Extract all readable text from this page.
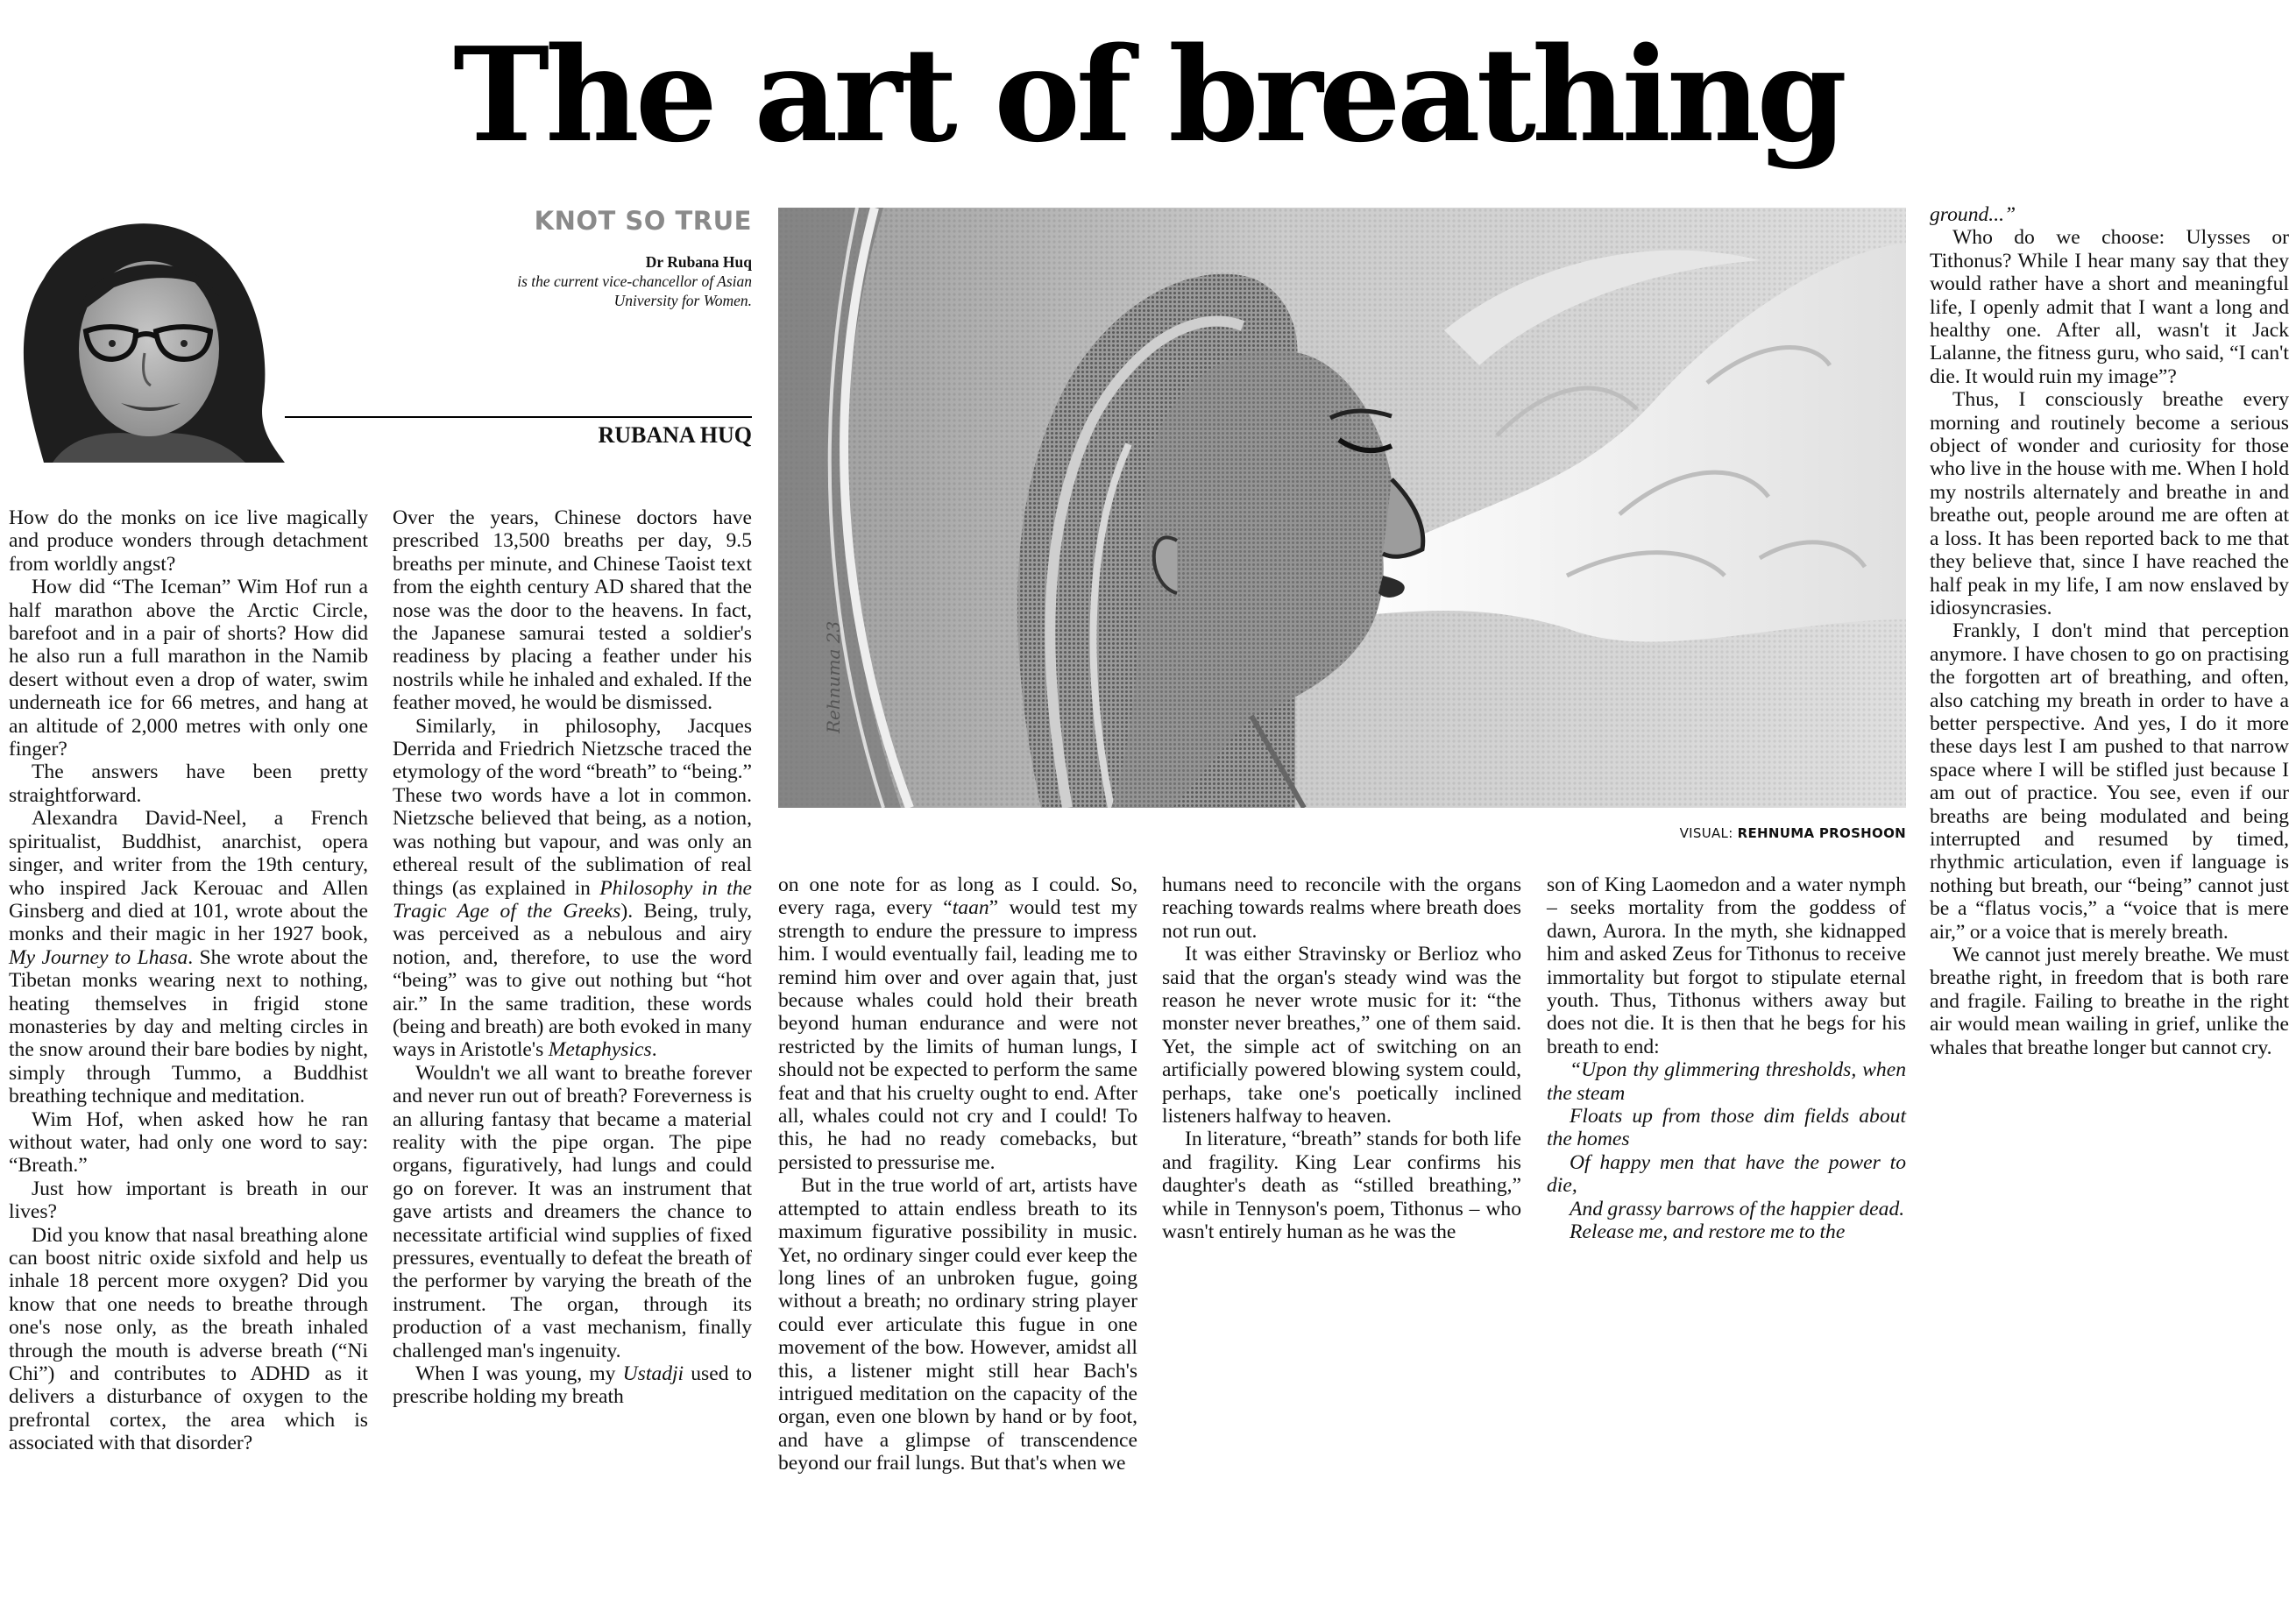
The art of breathing
KNOT SO TRUE
Dr Rubana Huq
is the current vice-chancellor of Asian University for Women.
RUBANA HUQ
Rehnuma 23
VISUAL: REHNUMA PROSHOON

How do the monks on ice live magically and produce wonders through detachment from worldly angst?

How did “The Iceman” Wim Hof run a half marathon above the Arctic Circle, barefoot and in a pair of shorts? How did he also run a full marathon in the Namib desert without even a drop of water, swim underneath ice for 66 metres, and hang at an altitude of 2,000 metres with only one finger?

The answers have been pretty straightforward.

Alexandra David-Neel, a French spiritualist, Buddhist, anarchist, opera singer, and writer from the 19th century, who inspired Jack Kerouac and Allen Ginsberg and died at 101, wrote about the monks and their magic in her 1927 book, My Journey to Lhasa. She wrote about the Tibetan monks wearing next to nothing, heating themselves in frigid stone monasteries by day and melting circles in the snow around their bare bodies by night, simply through Tummo, a Buddhist breathing technique and meditation.

Wim Hof, when asked how he ran without water, had only one word to say: “Breath.”

Just how important is breath in our lives?

Did you know that nasal breathing alone can boost nitric oxide sixfold and help us inhale 18 percent more oxygen? Did you know that one needs to breathe through one's nose only, as the breath inhaled through the mouth is adverse breath (“Ni Chi”) and contributes to ADHD as it delivers a disturbance of oxygen to the prefrontal cortex, the area which is associated with that disorder?

Over the years, Chinese doctors have prescribed 13,500 breaths per day, 9.5 breaths per minute, and Chinese Taoist text from the eighth century AD shared that the nose was the door to the heavens. In fact, the Japanese samurai tested a soldier's readiness by placing a feather under his nostrils while he inhaled and exhaled. If the feather moved, he would be dismissed.

Similarly, in philosophy, Jacques Derrida and Friedrich Nietzsche traced the etymology of the word “breath” to “being.” These two words have a lot in common. Nietzsche believed that being, as a notion, was nothing but vapour, and was only an ethereal result of the sublimation of real things (as explained in Philosophy in the Tragic Age of the Greeks). Being, truly, was perceived as a nebulous and airy notion, and, therefore, to use the word “being” was to give out nothing but “hot air.” In the same tradition, these words (being and breath) are both evoked in many ways in Aristotle's Metaphysics.

Wouldn't we all want to breathe forever and never run out of breath? Foreverness is an alluring fantasy that became a material reality with the pipe organ. The pipe organs, figuratively, had lungs and could go on forever. It was an instrument that gave artists and dreamers the chance to necessitate artificial wind supplies of fixed pressures, eventually to defeat the breath of the performer by varying the breath of the instrument. The organ, through its production of a vast mechanism, finally challenged man's ingenuity.

When I was young, my Ustadji used to prescribe holding my breath

on one note for as long as I could. So, every raga, every “taan” would test my strength to endure the pressure to impress him. I would eventually fail, leading me to remind him over and over again that, just because whales could hold their breath beyond human endurance and were not restricted by the limits of human lungs, I should not be expected to perform the same feat and that his cruelty ought to end. After all, whales could not cry and I could! To this, he had no ready comebacks, but persisted to pressurise me.

But in the true world of art, artists have attempted to attain endless breath to its maximum figurative possibility in music. Yet, no ordinary singer could ever keep the long lines of an unbroken fugue, going without a breath; no ordinary string player could ever articulate this fugue in one movement of the bow. However, amidst all this, a listener might still hear Bach's intrigued meditation on the capacity of the organ, even one blown by hand or by foot, and have a glimpse of transcendence beyond our frail lungs. But that's when we

humans need to reconcile with the organs reaching towards realms where breath does not run out.

It was either Stravinsky or Berlioz who said that the organ's steady wind was the reason he never wrote music for it: “the monster never breathes,” one of them said. Yet, the simple act of switching on an artificially powered blowing system could, perhaps, take one's poetically inclined listeners halfway to heaven.

In literature, “breath” stands for both life and fragility. King Lear confirms his daughter's death as “stilled breathing,” while in Tennyson's poem, Tithonus – who wasn't entirely human as he was the

son of King Laomedon and a water nymph – seeks mortality from the goddess of dawn, Aurora. In the myth, she kidnapped him and asked Zeus for Tithonus to receive immortality but forgot to stipulate eternal youth. Thus, Tithonus withers away but does not die. It is then that he begs for his breath to end:

“Upon thy glimmering thresholds, when the steam

Floats up from those dim fields about the homes

Of happy men that have the power to die,

And grassy barrows of the happier dead.

Release me, and restore me to the

ground...”

Who do we choose: Ulysses or Tithonus? While I hear many say that they would rather have a short and meaningful life, I openly admit that I want a long and healthy one. After all, wasn't it Jack Lalanne, the fitness guru, who said, “I can't die. It would ruin my image”?

Thus, I consciously breathe every morning and routinely become a serious object of wonder and curiosity for those who live in the house with me. When I hold my nostrils alternately and breathe in and breathe out, people around me are often at a loss. It has been reported back to me that they believe that, since I have reached the half peak in my life, I am now enslaved by idiosyncrasies.

Frankly, I don't mind that perception anymore. I have chosen to go on practising the forgotten art of breathing, and often, also catching my breath in order to have a better perspective. And yes, I do it more these days lest I am pushed to that narrow space where I will be stifled just because I am out of practice. You see, even if our breaths are being modulated and being interrupted and resumed by timed, rhythmic articulation, even if language is nothing but breath, our “being” cannot just be a “flatus vocis,” a “voice that is mere air,” or a voice that is merely breath.

We cannot just merely breathe. We must breathe right, in freedom that is both rare and fragile. Failing to breathe in the right air would mean wailing in grief, unlike the whales that breathe longer but cannot cry.
